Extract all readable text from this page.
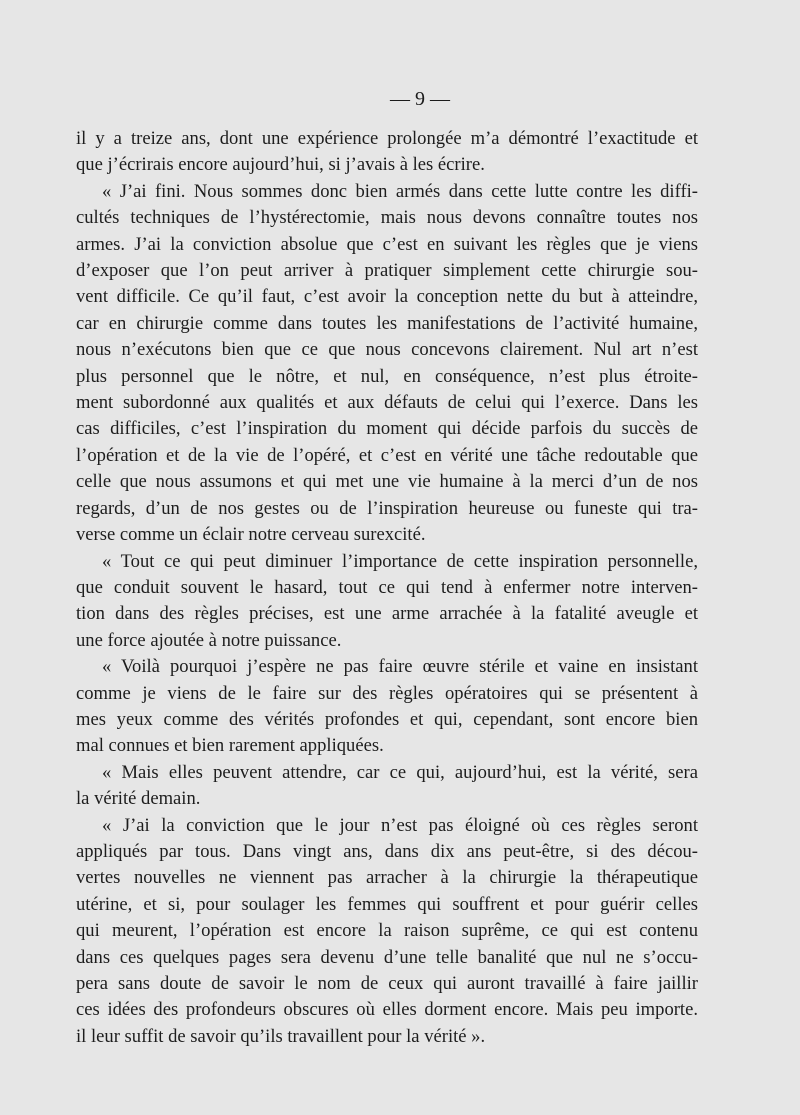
— 9 —
il y a treize ans, dont une expérience prolongée m’a démontré l’exactitude et
que j’écrirais encore aujourd’hui, si j’avais à les écrire.
« J’ai fini. Nous sommes donc bien armés dans cette lutte contre les diffi-
cultés techniques de l’hystérectomie, mais nous devons connaître toutes nos
armes. J’ai la conviction absolue que c’est en suivant les règles que je viens
d’exposer que l’on peut arriver à pratiquer simplement cette chirurgie sou-
vent difficile. Ce qu’il faut, c’est avoir la conception nette du but à atteindre,
car en chirurgie comme dans toutes les manifestations de l’activité humaine,
nous n’exécutons bien que ce que nous concevons clairement. Nul art n’est
plus personnel que le nôtre, et nul, en conséquence, n’est plus étroite-
ment subordonné aux qualités et aux défauts de celui qui l’exerce. Dans les
cas difficiles, c’est l’inspiration du moment qui décide parfois du succès de
l’opération et de la vie de l’opéré, et c’est en vérité une tâche redoutable que
celle que nous assumons et qui met une vie humaine à la merci d’un de nos
regards, d’un de nos gestes ou de l’inspiration heureuse ou funeste qui tra-
verse comme un éclair notre cerveau surexcité.
« Tout ce qui peut diminuer l’importance de cette inspiration personnelle,
que conduit souvent le hasard, tout ce qui tend à enfermer notre interven-
tion dans des règles précises, est une arme arrachée à la fatalité aveugle et
une force ajoutée à notre puissance.
« Voilà pourquoi j’espère ne pas faire œuvre stérile et vaine en insistant
comme je viens de le faire sur des règles opératoires qui se présentent à
mes yeux comme des vérités profondes et qui, cependant, sont encore bien
mal connues et bien rarement appliquées.
« Mais elles peuvent attendre, car ce qui, aujourd’hui, est la vérité, sera
la vérité demain.
« J’ai la conviction que le jour n’est pas éloigné où ces règles seront
appliqués par tous. Dans vingt ans, dans dix ans peut-être, si des décou-
vertes nouvelles ne viennent pas arracher à la chirurgie la thérapeutique
utérine, et si, pour soulager les femmes qui souffrent et pour guérir celles
qui meurent, l’opération est encore la raison suprême, ce qui est contenu
dans ces quelques pages sera devenu d’une telle banalité que nul ne s’occu-
pera sans doute de savoir le nom de ceux qui auront travaillé à faire jaillir
ces idées des profondeurs obscures où elles dorment encore. Mais peu importe.
il leur suffit de savoir qu’ils travaillent pour la vérité ».
